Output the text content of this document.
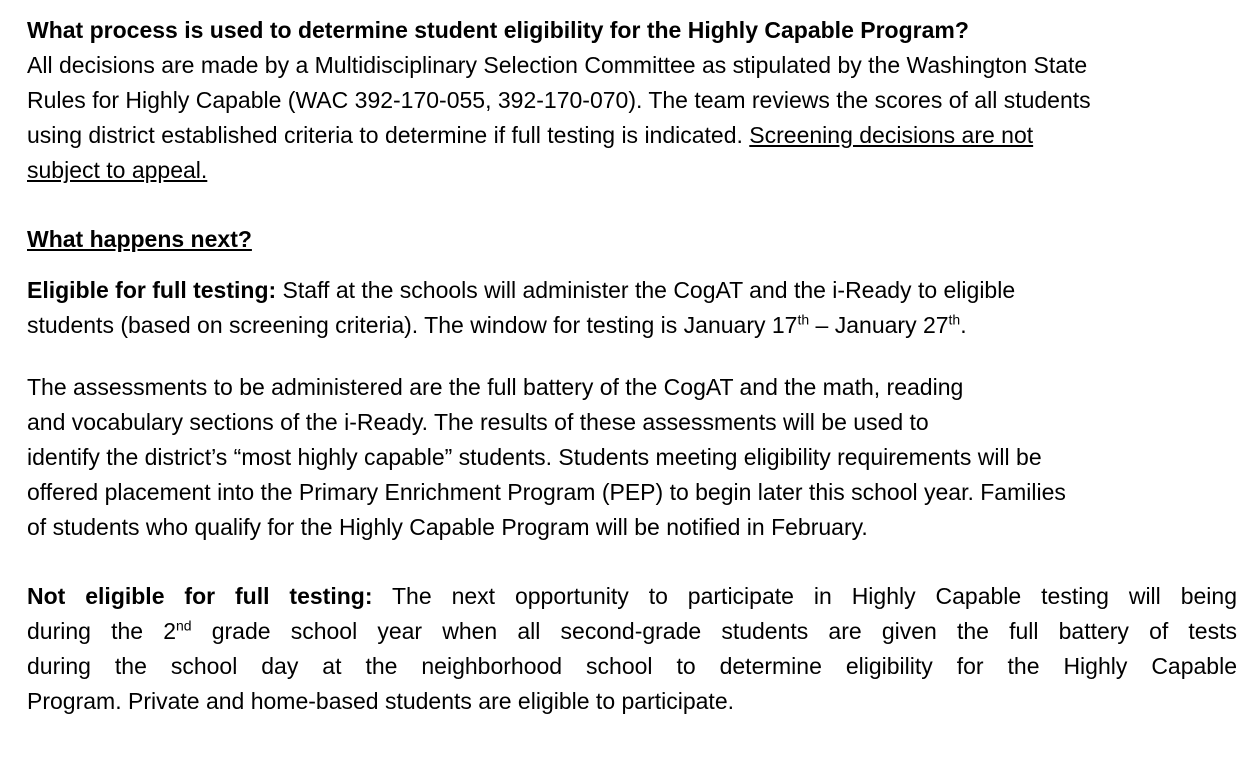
What process is used to determine student eligibility for the Highly Capable Program?

All decisions are made by a Multidisciplinary Selection Committee as stipulated by the Washington State
Rules for Highly Capable (WAC 392-170-055, 392-170-070). The team reviews the scores of all students
using district established criteria to determine if full testing is indicated. Screening decisions are not
subject to appeal.

What happens next?

Eligible for full testing: Staff at the schools will administer the CogAT and the i-Ready to eligible
students (based on screening criteria). The window for testing is January 17th – January 27th.

The assessments to be administered are the full battery of the CogAT and the math, reading
and vocabulary sections of the i-Ready. The results of these assessments will be used to
identify the district’s “most highly capable” students. Students meeting eligibility requirements will be
offered placement into the Primary Enrichment Program (PEP) to begin later this school year. Families
of students who qualify for the Highly Capable Program will be notified in February.

Not eligible for full testing: The next opportunity to participate in Highly Capable testing will being
during the 2nd grade school year when all second-grade students are given the full battery of tests
during the school day at the neighborhood school to determine eligibility for the Highly Capable
Program. Private and home-based students are eligible to participate.
